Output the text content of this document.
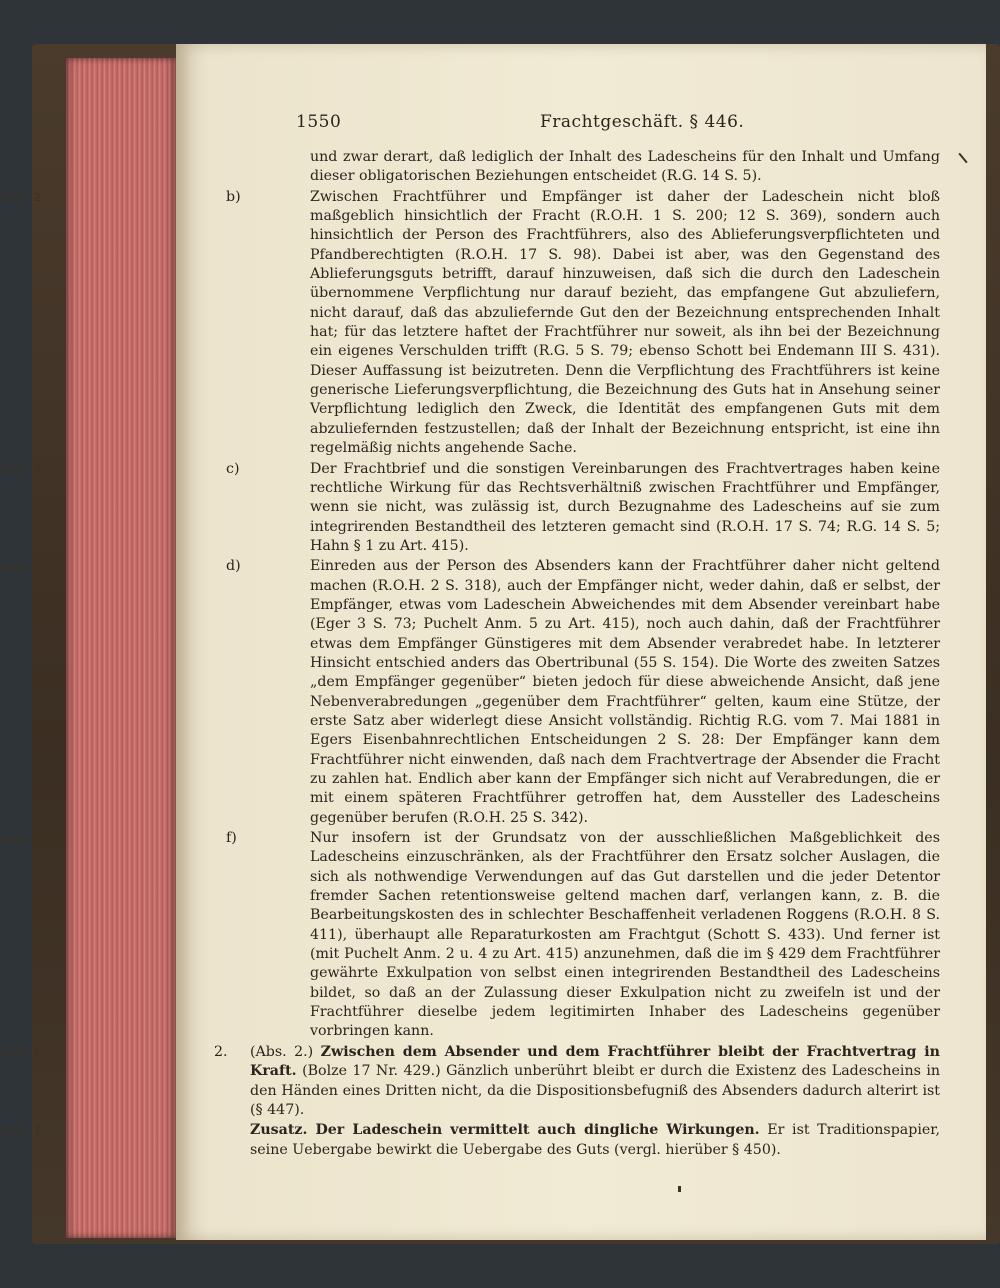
1550	Frachtgeschäft. § 446.
und zwar derart, daß lediglich der Inhalt des Ladescheins für den Inhalt und Umfang dieser obligatorischen Beziehungen entscheidet (R.G. 14 S. 5).
Anm. 2.	b)	Zwischen Frachtführer und Empfänger ist daher der Ladeschein nicht bloß maßgeblich hinsichtlich der Fracht (R.O.H. 1 S. 200; 12 S. 369), sondern auch hinsichtlich der Person des Frachtführers, also des Ablieferungsverpflichteten und Pfandberechtigten (R.O.H. 17 S. 98). Dabei ist aber, was den Gegenstand des Ablieferungsguts betrifft, darauf hinzuweisen, daß sich die durch den Ladeschein übernommene Verpflichtung nur darauf bezieht, das empfangene Gut abzuliefern, nicht darauf, daß das abzuliefernde Gut den der Bezeichnung entsprechenden Inhalt hat; für das letztere haftet der Frachtführer nur soweit, als ihn bei der Bezeichnung ein eigenes Verschulden trifft (R.G. 5 S. 79; ebenso Schott bei Endemann III S. 431). Dieser Auffassung ist beizutreten. Denn die Verpflichtung des Frachtführers ist keine generische Lieferungsverpflichtung, die Bezeichnung des Guts hat in Ansehung seiner Verpflichtung lediglich den Zweck, die Identität des empfangenen Guts mit dem abzuliefernden festzustellen; daß der Inhalt der Bezeichnung entspricht, ist eine ihn regelmäßig nichts angehende Sache.
Anm. 3.	c)	Der Frachtbrief und die sonstigen Vereinbarungen des Frachtvertrages haben keine rechtliche Wirkung für das Rechtsverhältniß zwischen Frachtführer und Empfänger, wenn sie nicht, was zulässig ist, durch Bezugnahme des Ladescheins auf sie zum integrirenden Bestandtheil des letzteren gemacht sind (R.O.H. 17 S. 74; R.G. 14 S. 5; Hahn § 1 zu Art. 415).
Anm. 4.	d)	Einreden aus der Person des Absenders kann der Frachtführer daher nicht geltend machen (R.O.H. 2 S. 318), auch der Empfänger nicht, weder dahin, daß er selbst, der Empfänger, etwas vom Ladeschein Abweichendes mit dem Absender vereinbart habe (Eger 3 S. 73; Puchelt Anm. 5 zu Art. 415), noch auch dahin, daß der Frachtführer etwas dem Empfänger Günstigeres mit dem Absender verabredet habe. In letzterer Hinsicht entschied anders das Obertribunal (55 S. 154). Die Worte des zweiten Satzes „dem Empfänger gegenüber“ bieten jedoch für diese abweichende Ansicht, daß jene Nebenverabredungen „gegenüber dem Frachtführer“ gelten, kaum eine Stütze, der erste Satz aber widerlegt diese Ansicht vollständig. Richtig R.G. vom 7. Mai 1881 in Egers Eisenbahnrechtlichen Entscheidungen 2 S. 28: Der Empfänger kann dem Frachtführer nicht einwenden, daß nach dem Frachtvertrage der Absender die Fracht zu zahlen hat. Endlich aber kann der Empfänger sich nicht auf Verabredungen, die er mit einem späteren Frachtführer getroffen hat, dem Aussteller des Ladescheins gegenüber berufen (R.O.H. 25 S. 342).
Anm. 5.	f)	Nur insofern ist der Grundsatz von der ausschließlichen Maßgeblichkeit des Ladescheins einzuschränken, als der Frachtführer den Ersatz solcher Auslagen, die sich als nothwendige Verwendungen auf das Gut darstellen und die jeder Detentor fremder Sachen retentionsweise geltend machen darf, verlangen kann, z. B. die Bearbeitungskosten des in schlechter Beschaffenheit verladenen Roggens (R.O.H. 8 S. 411), überhaupt alle Reparaturkosten am Frachtgut (Schott S. 433). Und ferner ist (mit Puchelt Anm. 2 u. 4 zu Art. 415) anzunehmen, daß die im § 429 dem Frachtführer gewährte Exkulpation von selbst einen integrirenden Bestandtheil des Ladescheins bildet, so daß an der Zulassung dieser Exkulpation nicht zu zweifeln ist und der Frachtführer dieselbe jedem legitimirten Inhaber des Ladescheins gegenüber vorbringen kann.
Anm. 6.	2. (Abs. 2.) Zwischen dem Absender und dem Frachtführer bleibt der Frachtvertrag in Kraft. (Bolze 17 Nr. 429.) Gänzlich unberührt bleibt er durch die Existenz des Ladescheins in den Händen eines Dritten nicht, da die Dispositionsbefugniß des Absenders dadurch alterirt ist (§ 447).
Anm. 7.	Zusatz. Der Ladeschein vermittelt auch dingliche Wirkungen. Er ist Traditionspapier, seine Uebergabe bewirkt die Uebergabe des Guts (vergl. hierüber § 450).
